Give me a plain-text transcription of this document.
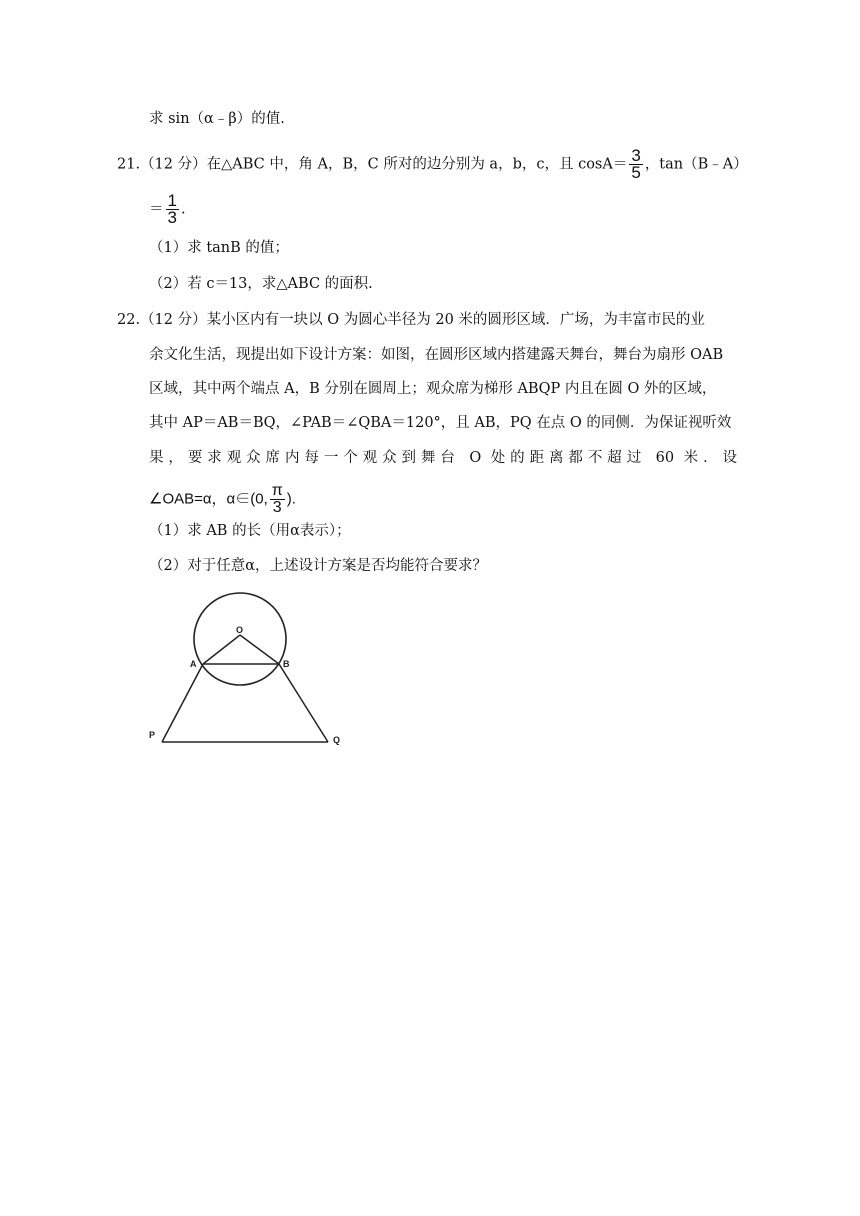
求 sin（α﹣β）的值.
21.（12 分）在△ABC 中，角 A，B，C 所对的边分别为 a，b，c，且 $\cos A= \frac{3}{5}$ ，tan（B﹣A）
＝ $\frac{1}{3}$ .
（1）求 tanB 的值；
（2）若 c＝13，求△ABC 的面积.
22.（12 分）某小区内有一块以 O 为圆心半径为 20 米的圆形区域．广场，为丰富市民的业
余文化生活，现提出如下设计方案：如图，在圆形区域内搭建露天舞台，舞台为扇形 OAB
区域，其中两个端点 A，B 分别在圆周上；观众席为梯形 ABQP 内且在圆 O 外的区域，
其中 AP＝AB＝BQ，∠PAB＝∠QBA＝120°，且 AB，PQ 在点 O 的同侧．为保证视听效
果，要求观众席内每一个观众到舞台 O 处的距离都不超过 60 米．设
∠OAB=α，α∈(0, $\frac{\pi}{3}$ ).
（1）求 AB 的长（用α表示）；
（2）对于任意α，上述设计方案是否均能符合要求？
O
A	B
P	Q
